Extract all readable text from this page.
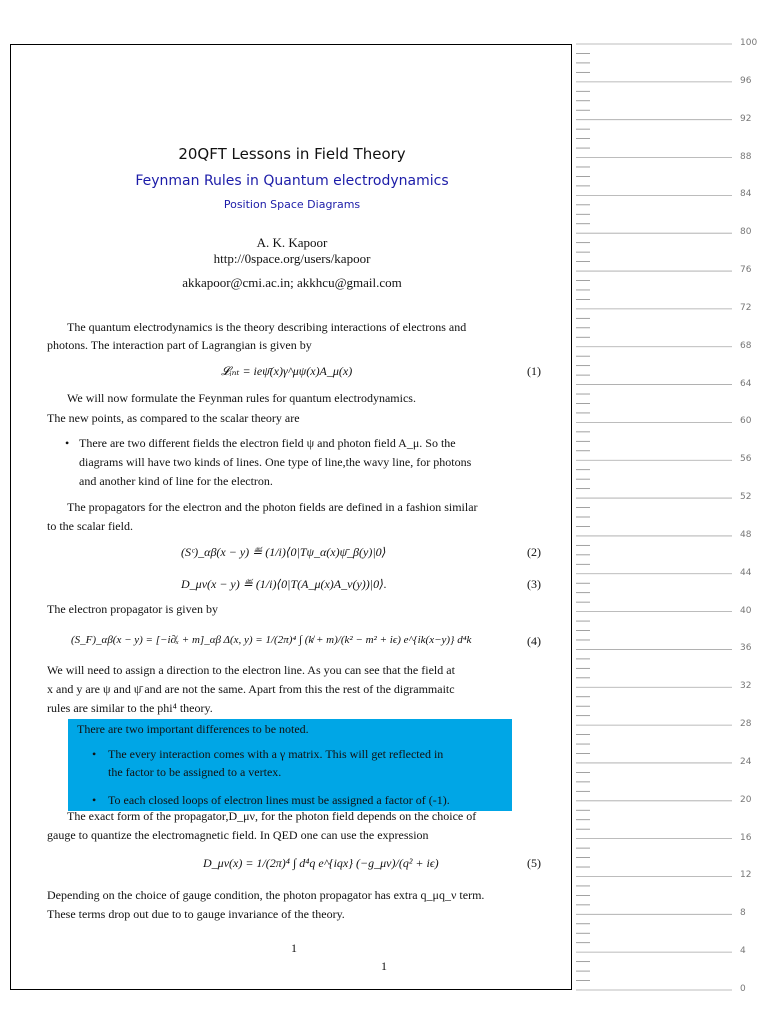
20QFT Lessons in Field Theory
Feynman Rules in Quantum electrodynamics
Position Space Diagrams
A. K. Kapoor
http://0space.org/users/kapoor
akkapoor@cmi.ac.in; akkhcu@gmail.com
The quantum electrodynamics is the theory describing interactions of electrons and
photons. The interaction part of Lagrangian is given by
𝓛ᵢₙₜ = ieψ̄(x)γ^μψ(x)A_μ(x)	(1)
We will now formulate the Feynman rules for quantum electrodynamics.
The new points, as compared to the scalar theory are
• There are two different fields the electron field ψ and photon field A_μ. So the
diagrams will have two kinds of lines. One type of line,the wavy line, for photons
and another kind of line for the electron.
The propagators for the electron and the photon fields are defined in a fashion similar
to the scalar field.
(Sᶜ)_αβ(x − y) ≝ (1/i)⟨0|Tψ_α(x)ψ̄_β(y)|0⟩	(2)
D_μν(x − y) ≝ (1/i)⟨0|T(A_μ(x)A_ν(y))|0⟩.	(3)
The electron propagator is given by
(S_F)_αβ(x − y) = [−i∂̸ₓ + m]_αβ Δ(x, y) = 1/(2π)⁴ ∫ (k̸ + m)/(k² − m² + iϵ) e^{ik(x−y)} d⁴k	(4)
We will need to assign a direction to the electron line. As you can see that the field at
x and y are ψ and ψ̄ and are not the same. Apart from this the rest of the digrammaitc
rules are similar to the phi⁴ theory.
There are two important differences to be noted.
• The every interaction comes with a γ matrix. This will get reflected in
the factor to be assigned to a vertex.
• To each closed loops of electron lines must be assigned a factor of (-1).
The exact form of the propagator,D_μν, for the photon field depends on the choice of
gauge to quantize the electromagnetic field. In QED one can use the expression
D_μν(x) = 1/(2π)⁴ ∫ d⁴q e^{iqx} (−g_μν)/(q² + iϵ)	(5)
Depending on the choice of gauge condition, the photon propagator has extra q_μq_ν term.
These terms drop out due to to gauge invariance of the theory.
1
1
100
96
92
88
84
80
76
72
68
64
60
56
52
48
44
40
36
32
28
24
20
16
12
8
4
0
